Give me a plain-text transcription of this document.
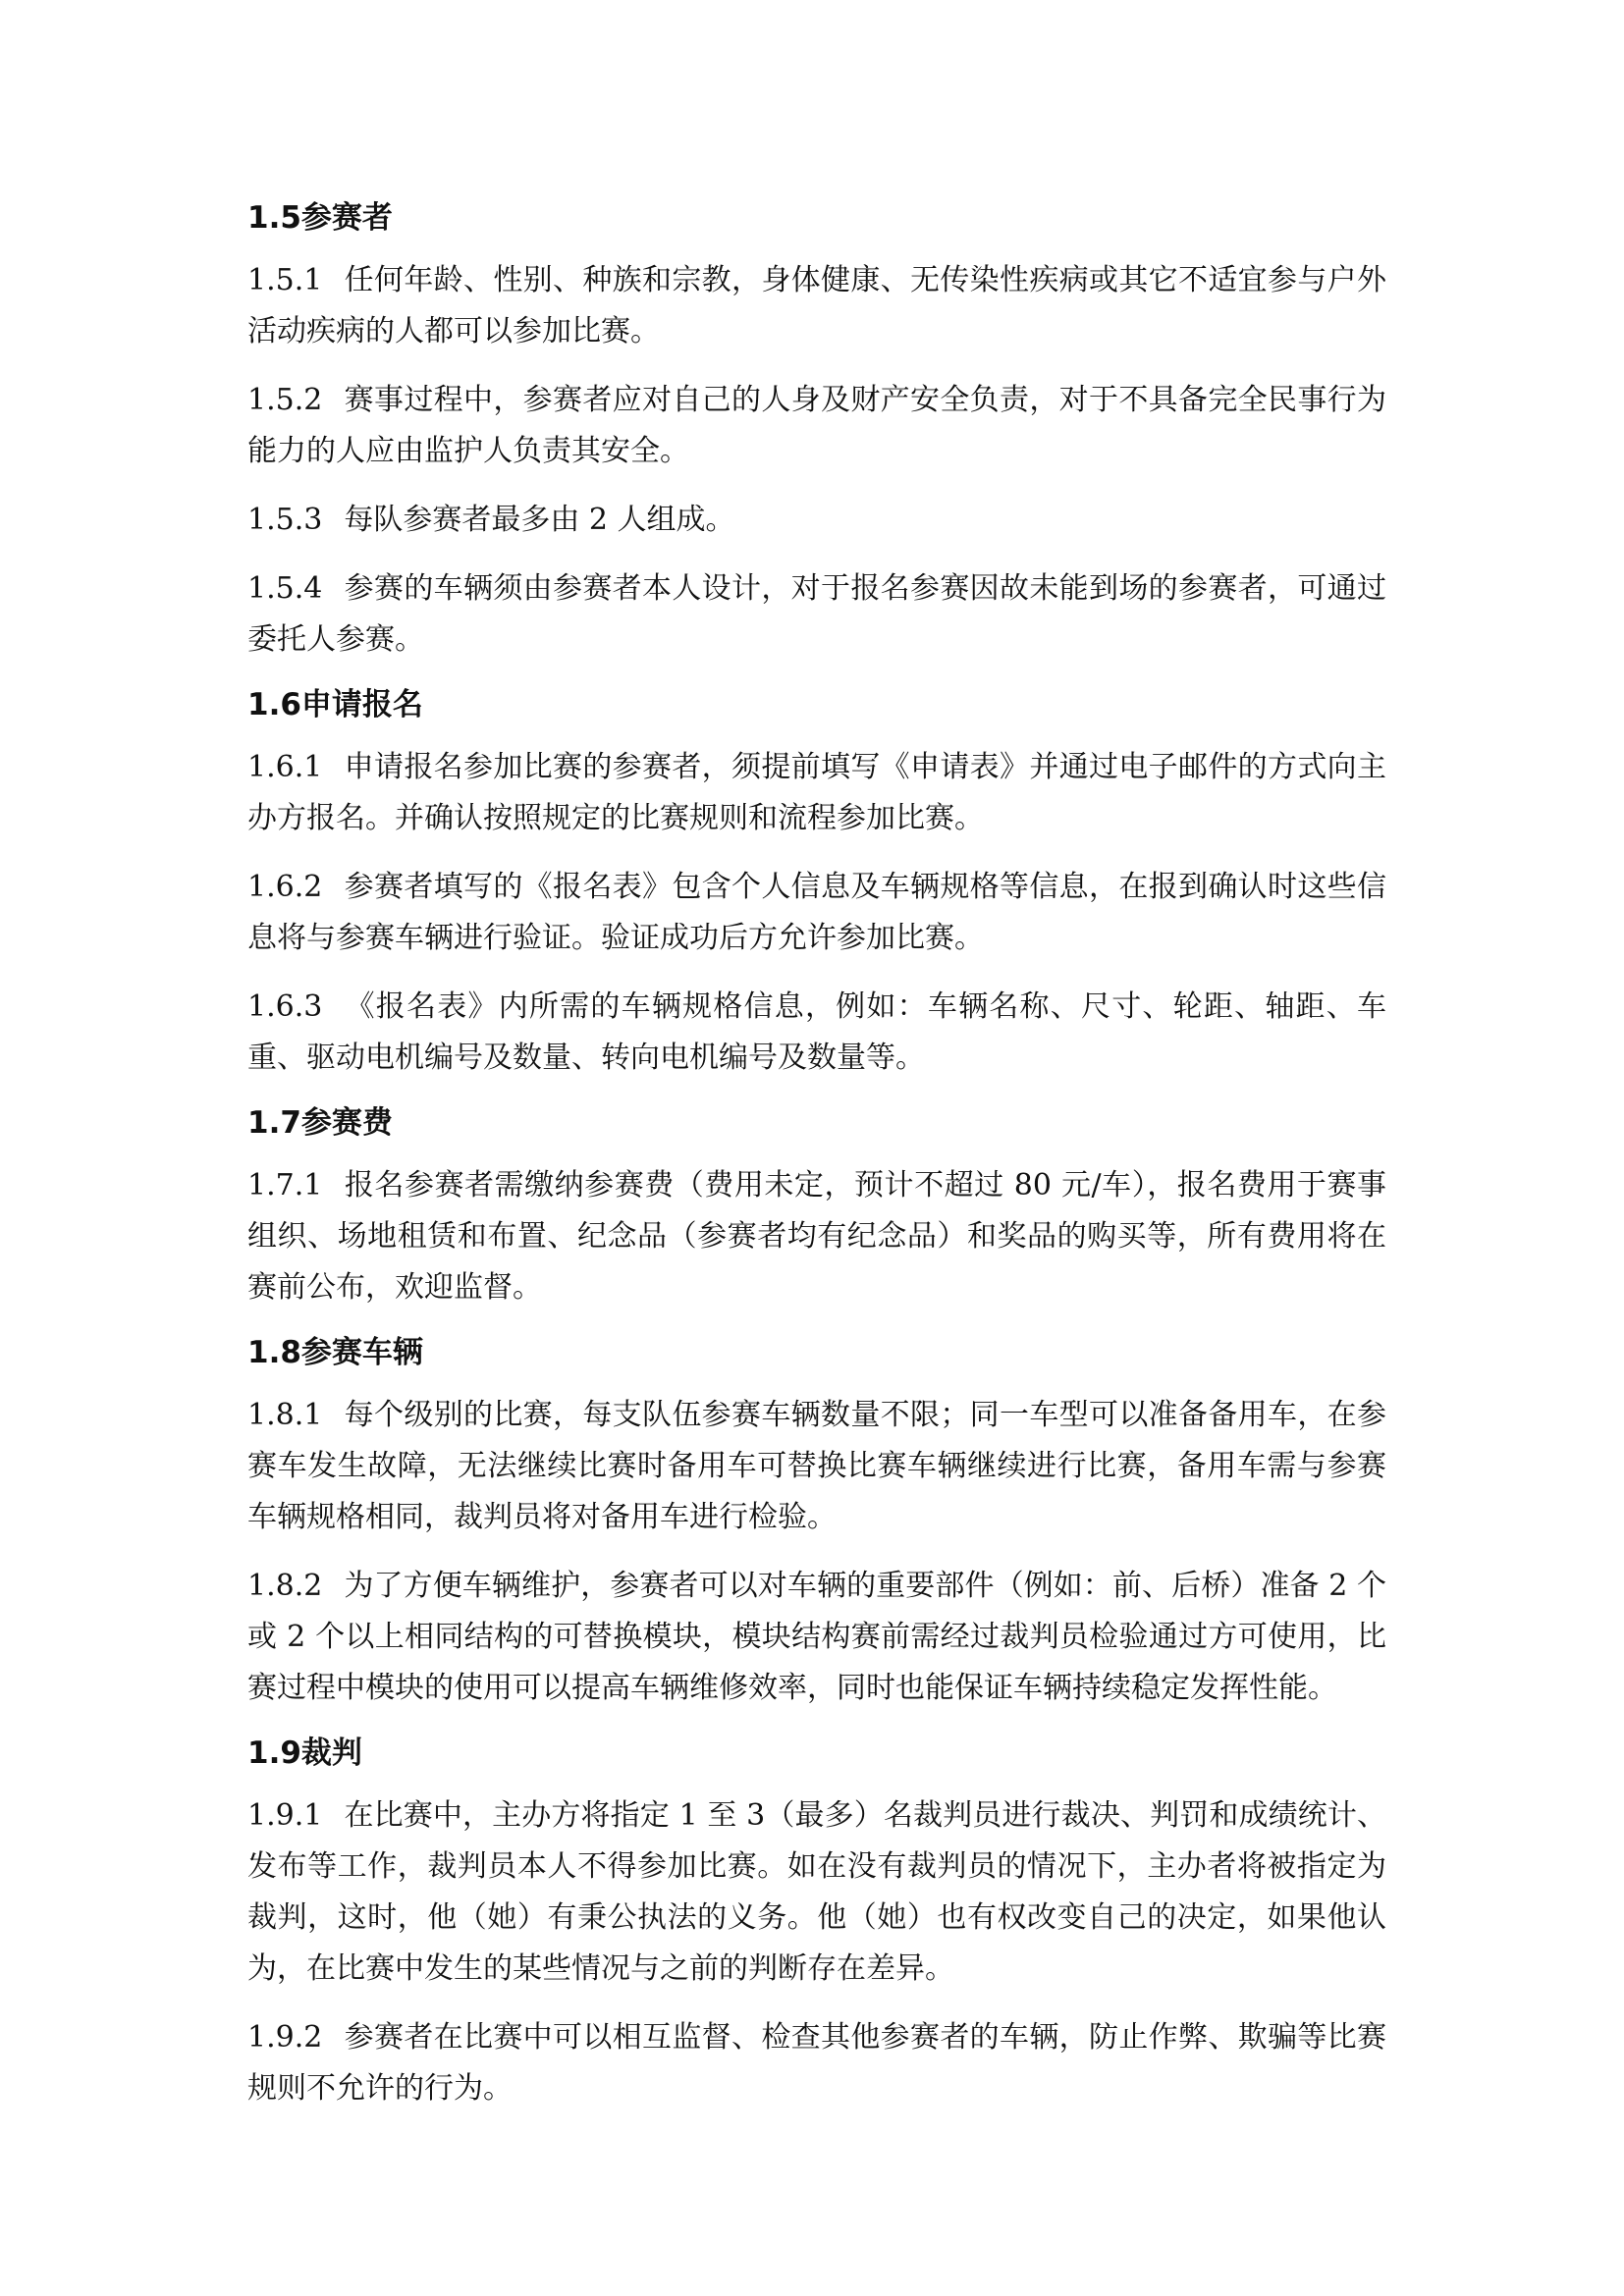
1.5参赛者

1.5.1 任何年龄、性别、种族和宗教，身体健康、无传染性疾病或其它不适宜参与户外活动疾病的人都可以参加比赛。

1.5.2 赛事过程中，参赛者应对自己的人身及财产安全负责，对于不具备完全民事行为能力的人应由监护人负责其安全。

1.5.3 每队参赛者最多由 2 人组成。

1.5.4 参赛的车辆须由参赛者本人设计，对于报名参赛因故未能到场的参赛者，可通过委托人参赛。

1.6申请报名

1.6.1 申请报名参加比赛的参赛者，须提前填写《申请表》并通过电子邮件的方式向主办方报名。并确认按照规定的比赛规则和流程参加比赛。

1.6.2 参赛者填写的《报名表》包含个人信息及车辆规格等信息，在报到确认时这些信息将与参赛车辆进行验证。验证成功后方允许参加比赛。

1.6.3 《报名表》内所需的车辆规格信息，例如：车辆名称、尺寸、轮距、轴距、车重、驱动电机编号及数量、转向电机编号及数量等。

1.7参赛费

1.7.1 报名参赛者需缴纳参赛费（费用未定，预计不超过 80 元/车），报名费用于赛事组织、场地租赁和布置、纪念品（参赛者均有纪念品）和奖品的购买等，所有费用将在赛前公布，欢迎监督。

1.8参赛车辆

1.8.1 每个级别的比赛，每支队伍参赛车辆数量不限；同一车型可以准备备用车，在参赛车发生故障，无法继续比赛时备用车可替换比赛车辆继续进行比赛，备用车需与参赛车辆规格相同，裁判员将对备用车进行检验。

1.8.2 为了方便车辆维护，参赛者可以对车辆的重要部件（例如：前、后桥）准备 2 个或 2 个以上相同结构的可替换模块，模块结构赛前需经过裁判员检验通过方可使用，比赛过程中模块的使用可以提高车辆维修效率，同时也能保证车辆持续稳定发挥性能。

1.9裁判

1.9.1 在比赛中，主办方将指定 1 至 3（最多）名裁判员进行裁决、判罚和成绩统计、发布等工作，裁判员本人不得参加比赛。如在没有裁判员的情况下，主办者将被指定为裁判，这时，他（她）有秉公执法的义务。他（她）也有权改变自己的决定，如果他认为，在比赛中发生的某些情况与之前的判断存在差异。

1.9.2 参赛者在比赛中可以相互监督、检查其他参赛者的车辆，防止作弊、欺骗等比赛规则不允许的行为。
